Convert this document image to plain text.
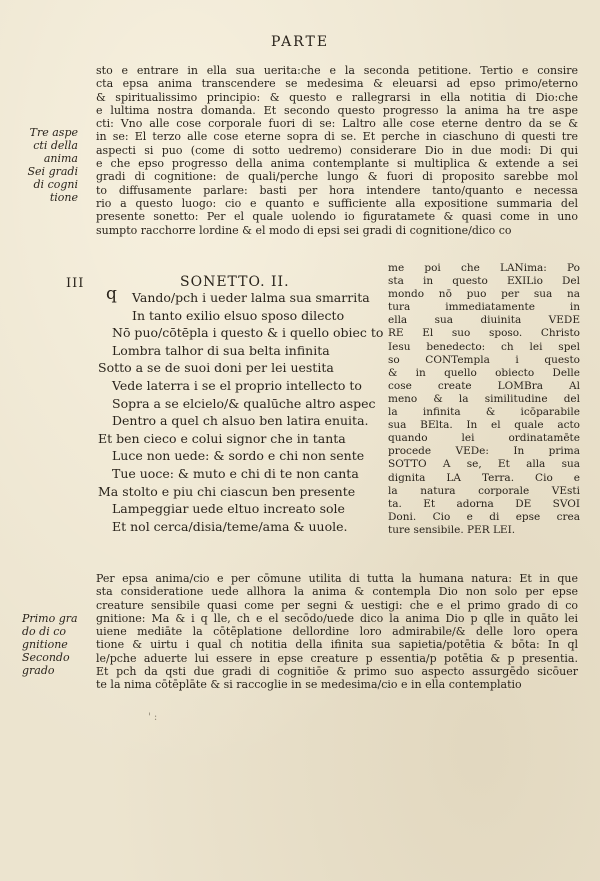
PARTE
Tre aspe
cti della
anima
Sei gradi
di cogni
tione
sto e entrare in ella sua uerita:che e la seconda petitione. Tertio e consire
cta epsa anima transcendere se medesima & eleuarsi ad epso primo/eterno
& spiritualissimo principio: & questo e rallegrarsi in ella notitia di Dio:che
e lultima nostra domanda. Et secondo questo progresso la anima ha tre aspe
cti: Vno alle cose corporale fuori di se: Laltro alle cose eterne dentro da se &
in se: El terzo alle cose eterne sopra di se. Et perche in ciaschuno di questi tre
aspecti si puo (come di sotto uedremo) considerare Dio in due modi: Di qui
e che epso progresso della anima contemplante si multiplica & extende a sei
gradi di cognitione: de quali/perche lungo & fuori di proposito sarebbe mol
to diffusamente parlare: basti per hora intendere tanto/quanto e necessa
rio a questo luogo: cio e quanto e sufficiente alla expositione summaria del
presente sonetto: Per el quale uolendo io figuratamete & quasi come in uno
sumpto racchorre lordine & el modo di epsi sei gradi di cognitione/dico co
III	SONETTO. II.
q	Vando/pch i ueder lalma sua smarrita
In tanto exilio elsuo sposo dilecto
Nō puo/cōtēpla i questo & i quello obiec to
Lombra talhor di sua belta infinita
Sotto a se de suoi doni per lei uestita
Vede laterra i se el proprio intellecto to
Sopra a se elcielo/& qualūche altro aspec
Dentro a quel ch alsuo ben latira enuita.
Et ben cieco e colui signor che in tanta
Luce non uede: & sordo e chi non sente
Tue uoce: & muto e chi di te non canta
Ma stolto e piu chi ciascun ben presente
Lampeggiar uede eltuo increato sole
Et nol cerca/disia/teme/ama & uuole.
me poi che LANima: Po
sta in questo EXILio Del
mondo nō puo per sua na
tura immediatamente in
ella sua diuinita VEDE
RE El suo sposo. Christo
Iesu benedecto: ch lei spel
so CONTempla i questo
& in quello obiecto Delle
cose create LOMBra Al
meno & la similitudine del
la infinita & icōparabile
sua BElta. In el quale acto
quando lei ordinatamēte
procede VEDe: In prima
SOTTO A se, Et alla sua
dignita LA Terra. Cio e
la natura corporale VEsti
ta. Et adorna DE SVOI
Doni. Cio e di epse crea
ture sensibile. PER LEI.
Primo gra
do di co
gnitione
Secondo
grado
Per epsa anima/cio e per cōmune utilita di tutta la humana natura: Et in que
sta consideratione uede allhora la anima & contempla Dio non solo per epse
creature sensibile quasi come per segni & uestigi: che e el primo grado di co
gnitione: Ma & i q lle, ch e el secōdo/uede dico la anima Dio p qlle in quāto lei
uiene mediāte la cōtēplatione dellordine loro admirabile/& delle loro opera
tione & uirtu i qual ch notitia della ifinita sua sapietia/potētia & bōta: In ql
le/pche aduerte lui essere in epse creature p essentia/p potētia & p presentia.
Et pch da qsti due gradi di cognitiōe & primo suo aspecto assurgēdo sicōuer
te la nima cōtēplāte & si raccoglie in se medesima/cio e in ella contemplatio
' :
